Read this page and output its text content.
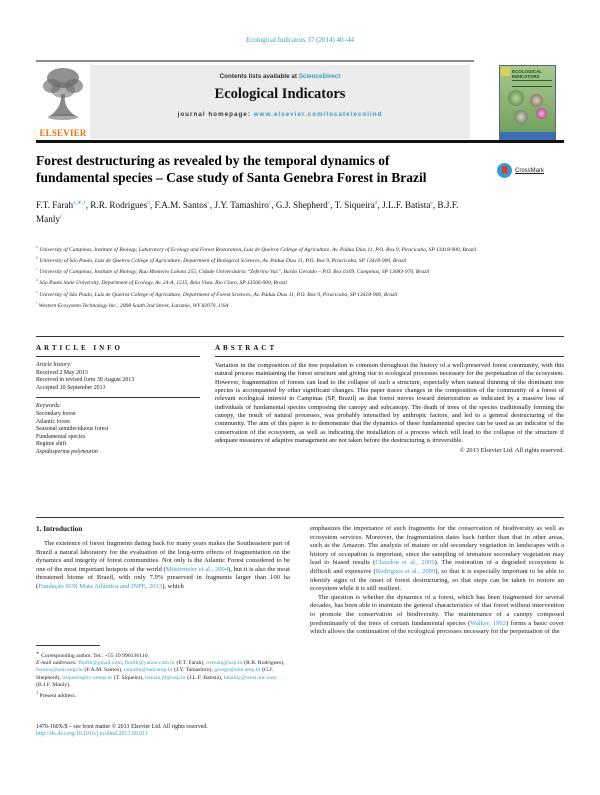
Ecological Indicators 37 (2014) 40–44
ELSEVIER
Contents lists available at ScienceDirect
Ecological Indicators
journal homepage: www.elsevier.com/locate/ecolind
ECOLOGICAL INDICATORS
Forest destructuring as revealed by the temporal dynamics of
fundamental species – Case study of Santa Genebra Forest in Brazil	CrossMark
F.T. Farah$^{a,∗,1}$, R.R. Rodrigues$^b$, F.A.M. Santos$^c$, J.Y. Tamashiro$^c$, G.J. Shepherd$^c$, T. Siqueira$^d$, J.L.F. Batista$^e$, B.J.F. Manly$^f$
$^a$ University of Campinas, Institute of Biology, Laboratory of Ecology and Forest Restoration, Luiz de Queiroz College of Agriculture, Av. Pádua Dias 11, P.O. Box 9, Piracicaba, SP 13418-900, Brazil
$^b$ University of São Paulo, Luiz de Queiroz College of Agriculture, Department of Biological Sciences, Av. Pádua Dias 11, P.O. Box 9, Piracicaba, SP 13418-900, Brazil
$^c$ University of Campinas, Institute of Biology, Rua Monteiro Lobato 255, Cidade Universitária “Zeferino Vaz”, Barão Geraldo – P.O. Box 6109, Campinas, SP 13083-970, Brazil
$^d$ São Paulo State University, Department of Ecology, Av. 24-A, 1515, Bela Vista, Rio Claro, SP 13506-900, Brazil
$^e$ University of São Paulo, Luiz de Queiroz College of Agriculture, Department of Forest Sciences, Av. Pádua Dias 11, P.O. Box 9, Piracicaba, SP 13418-900, Brazil
$^f$ Western Ecosystem Technology Inc., 2008 South 2nd Street, Laramie, WY 82070, USA
ARTICLE INFO
Article history:
Received 2 May 2013
Received in revised form 30 August 2013
Accepted 10 September 2013
Keywords:
Secondary forest
Atlantic forest
Seasonal semideciduous forest
Fundamental species
Regime shift
Aspidosperma polyneuron
ABSTRACT
Variation in the composition of the tree population is common throughout the history of a well-preserved forest community, with this natural process maintaining the forest structure and giving rise to ecological processes necessary for the perpetuation of the ecosystem. However, fragmentation of forests can lead to the collapse of such a structure, especially when natural thinning of the dominant tree species is accompanied by other significant changes. This paper traces changes in the composition of the community of a forest of relevant ecological interest in Campinas (SP, Brazil) as that forest moves toward deterioration as indicated by a massive loss of individuals of fundamental species composing the canopy and subcanopy. The death of trees of the species traditionally forming the canopy, the result of natural processes, was probably intensified by anthropic factors, and led to a general destructuring of the community. The aim of this paper is to demonstrate that the dynamics of these fundamental species can be used as an indicator of the conservation of the ecosystem, as well as indicating the installation of a process which will lead to the collapse of the structure if adequate measures of adaptive management are not taken before the destructuring is irreversible.
© 2013 Elsevier Ltd. All rights reserved.
1. Introduction

The existence of forest fragments dating back for many years makes the Southeastern part of Brazil a natural laboratory for the evaluation of the long-term effects of fragmentation on the dynamics and integrity of forest communities. Not only is the Atlantic Forest considered to be one of the most important hotspots of the world (Mittermeier et al., 2004), but it is also the most threatened biome of Brazil, with only 7.9% preserved in fragments larger than 100 ha (Fundação SOS Mata Atlântica and INPE, 2013), which

emphasizes the importance of such fragments for the conservation of biodiversity as well as ecosystem services. Moreover, the fragmentation dates back further than that in other areas, such as the Amazon. The analysis of mature or old secondary vegetation in landscapes with a history of occupation is important, since the sampling of immature secondary vegetation may lead to biased results (Chazdon et al., 2009). The restoration of a degraded ecosystem is difficult and expensive (Rodrigues et al., 2009), so that it is especially important to be able to identify signs of the onset of forest destructuring, so that steps can be taken to restore an ecosystem while it is still resilient.

The question is whether the dynamics of a forest, which has been fragmented for several decades, has been able to maintain the general characteristics of that forest without intervention to promote the conservation of biodiversity. The maintenance of a canopy composed predominately of the trees of certain fundamental species (Walker, 1992) forms a basic cover which allows the continuation of the ecological processes necessary for the perpetuation of the

∗ Corresponding author. Tel.: +55 19 996136110.
E-mail addresses: fbnfth@gmail.com, fbnfth@yahoo.com.br (F.T. Farah), rrresalq@usp.br (R.R. Rodrigues), fsantos@unicamp.br (F.A.M. Santos), tamashi@unicamp.br (J.Y. Tamashiro), george@unicamp.br (G.J. Shepherd), tsiqueira@rc.unesp.br (T. Siqueira), batista.jlf@usp.br (J.L.F. Batista), bmanly@west-inc.com (B.J.F. Manly).
$^1$ Present address.
1470-160X/$ – see front matter © 2013 Elsevier Ltd. All rights reserved.
http://dx.doi.org/10.1016/j.ecolind.2013.09.011
